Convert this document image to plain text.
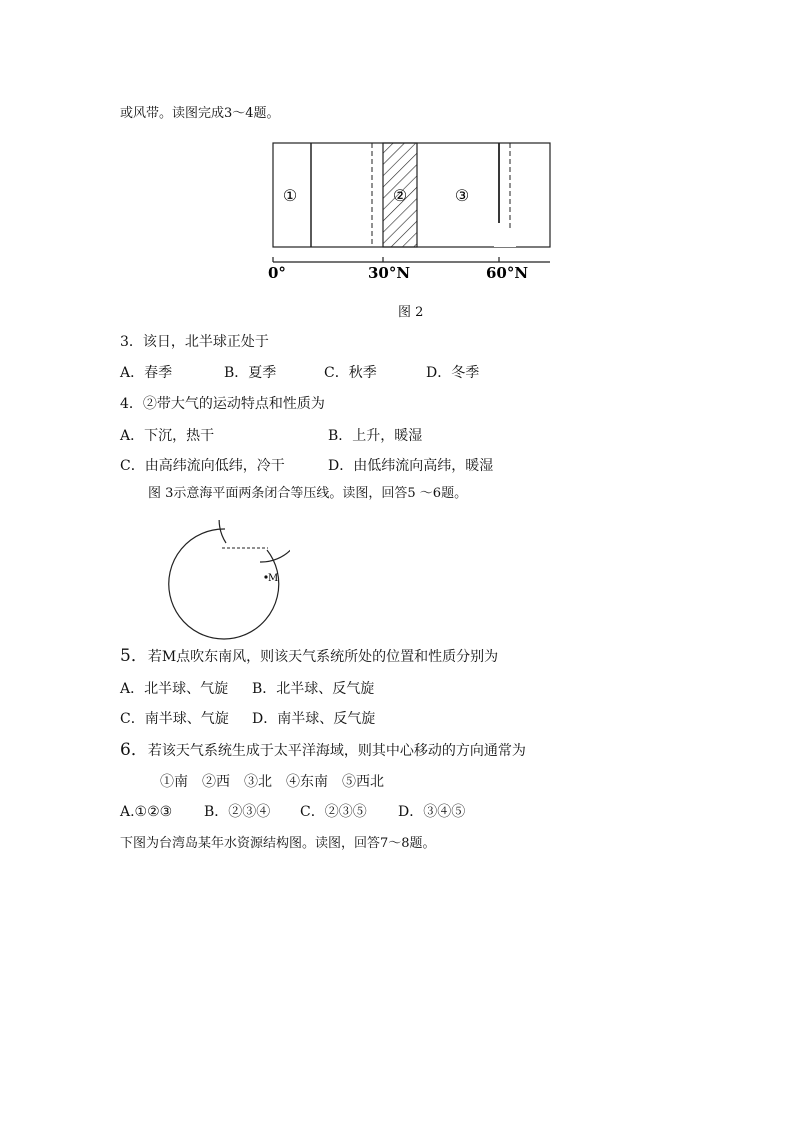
或风带。读图完成3～4题。
①	②	③
0°	30°N	60°N
图 2
3．该日，北半球正处于
A．春季	B．夏季	C．秋季	D．冬季
4．②带大气的运动特点和性质为
A．下沉，热干	B．上升，暖湿
C．由高纬流向低纬，冷干	D．由低纬流向高纬，暖湿
图 3示意海平面两条闭合等压线。读图，回答5 ～6题。
M
5．若M点吹东南风，则该天气系统所处的位置和性质分别为
A．北半球、气旋 B．北半球、反气旋
C．南半球、气旋 D．南半球、反气旋
6．若该天气系统生成于太平洋海域，则其中心移动的方向通常为
①南　②西　③北　④东南　⑤西北
A.①②③ B．②③④ C．②③⑤ D．③④⑤
下图为台湾岛某年水资源结构图。读图，回答7～8题。
